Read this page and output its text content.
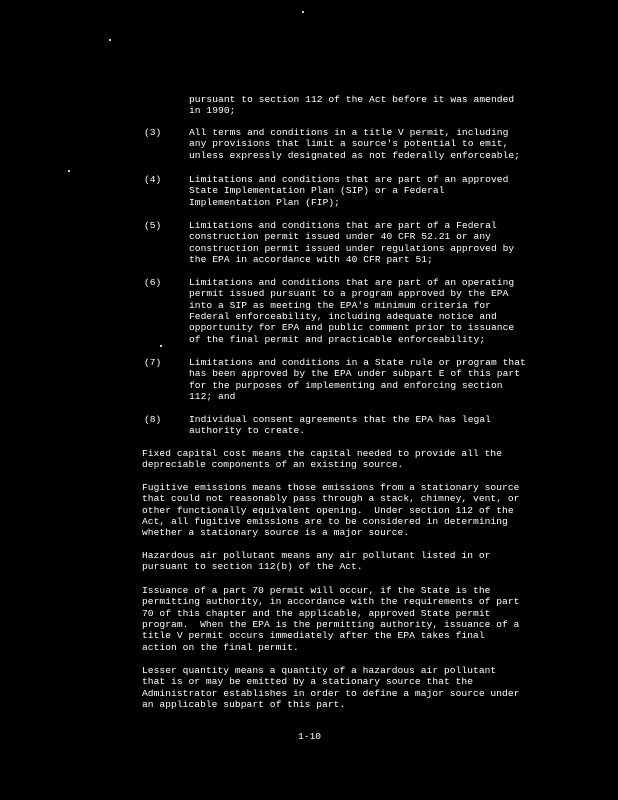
pursuant to section 112 of the Act before it was amended
in 1990;
(3)	All terms and conditions in a title V permit, including
any provisions that limit a source's potential to emit,
unless expressly designated as not federally enforceable;
(4)	Limitations and conditions that are part of an approved
State Implementation Plan (SIP) or a Federal
Implementation Plan (FIP);
(5)	Limitations and conditions that are part of a Federal
construction permit issued under 40 CFR 52.21 or any
construction permit issued under regulations approved by
the EPA in accordance with 40 CFR part 51;
(6)	Limitations and conditions that are part of an operating
permit issued pursuant to a program approved by the EPA
into a SIP as meeting the EPA's minimum criteria for
Federal enforceability, including adequate notice and
opportunity for EPA and public comment prior to issuance
of the final permit and practicable enforceability;
(7)	Limitations and conditions in a State rule or program that
has been approved by the EPA under subpart E of this part
for the purposes of implementing and enforcing section
112; and
(8)	Individual consent agreements that the EPA has legal
authority to create.
Fixed capital cost means the capital needed to provide all the
depreciable components of an existing source.
Fugitive emissions means those emissions from a stationary source
that could not reasonably pass through a stack, chimney, vent, or
other functionally equivalent opening.  Under section 112 of the
Act, all fugitive emissions are to be considered in determining
whether a stationary source is a major source.
Hazardous air pollutant means any air pollutant listed in or
pursuant to section 112(b) of the Act.
Issuance of a part 70 permit will occur, if the State is the
permitting authority, in accordance with the requirements of part
70 of this chapter and the applicable, approved State permit
program.  When the EPA is the permitting authority, issuance of a
title V permit occurs immediately after the EPA takes final
action on the final permit.
Lesser quantity means a quantity of a hazardous air pollutant
that is or may be emitted by a stationary source that the
Administrator establishes in order to define a major source under
an applicable subpart of this part.
1-10
